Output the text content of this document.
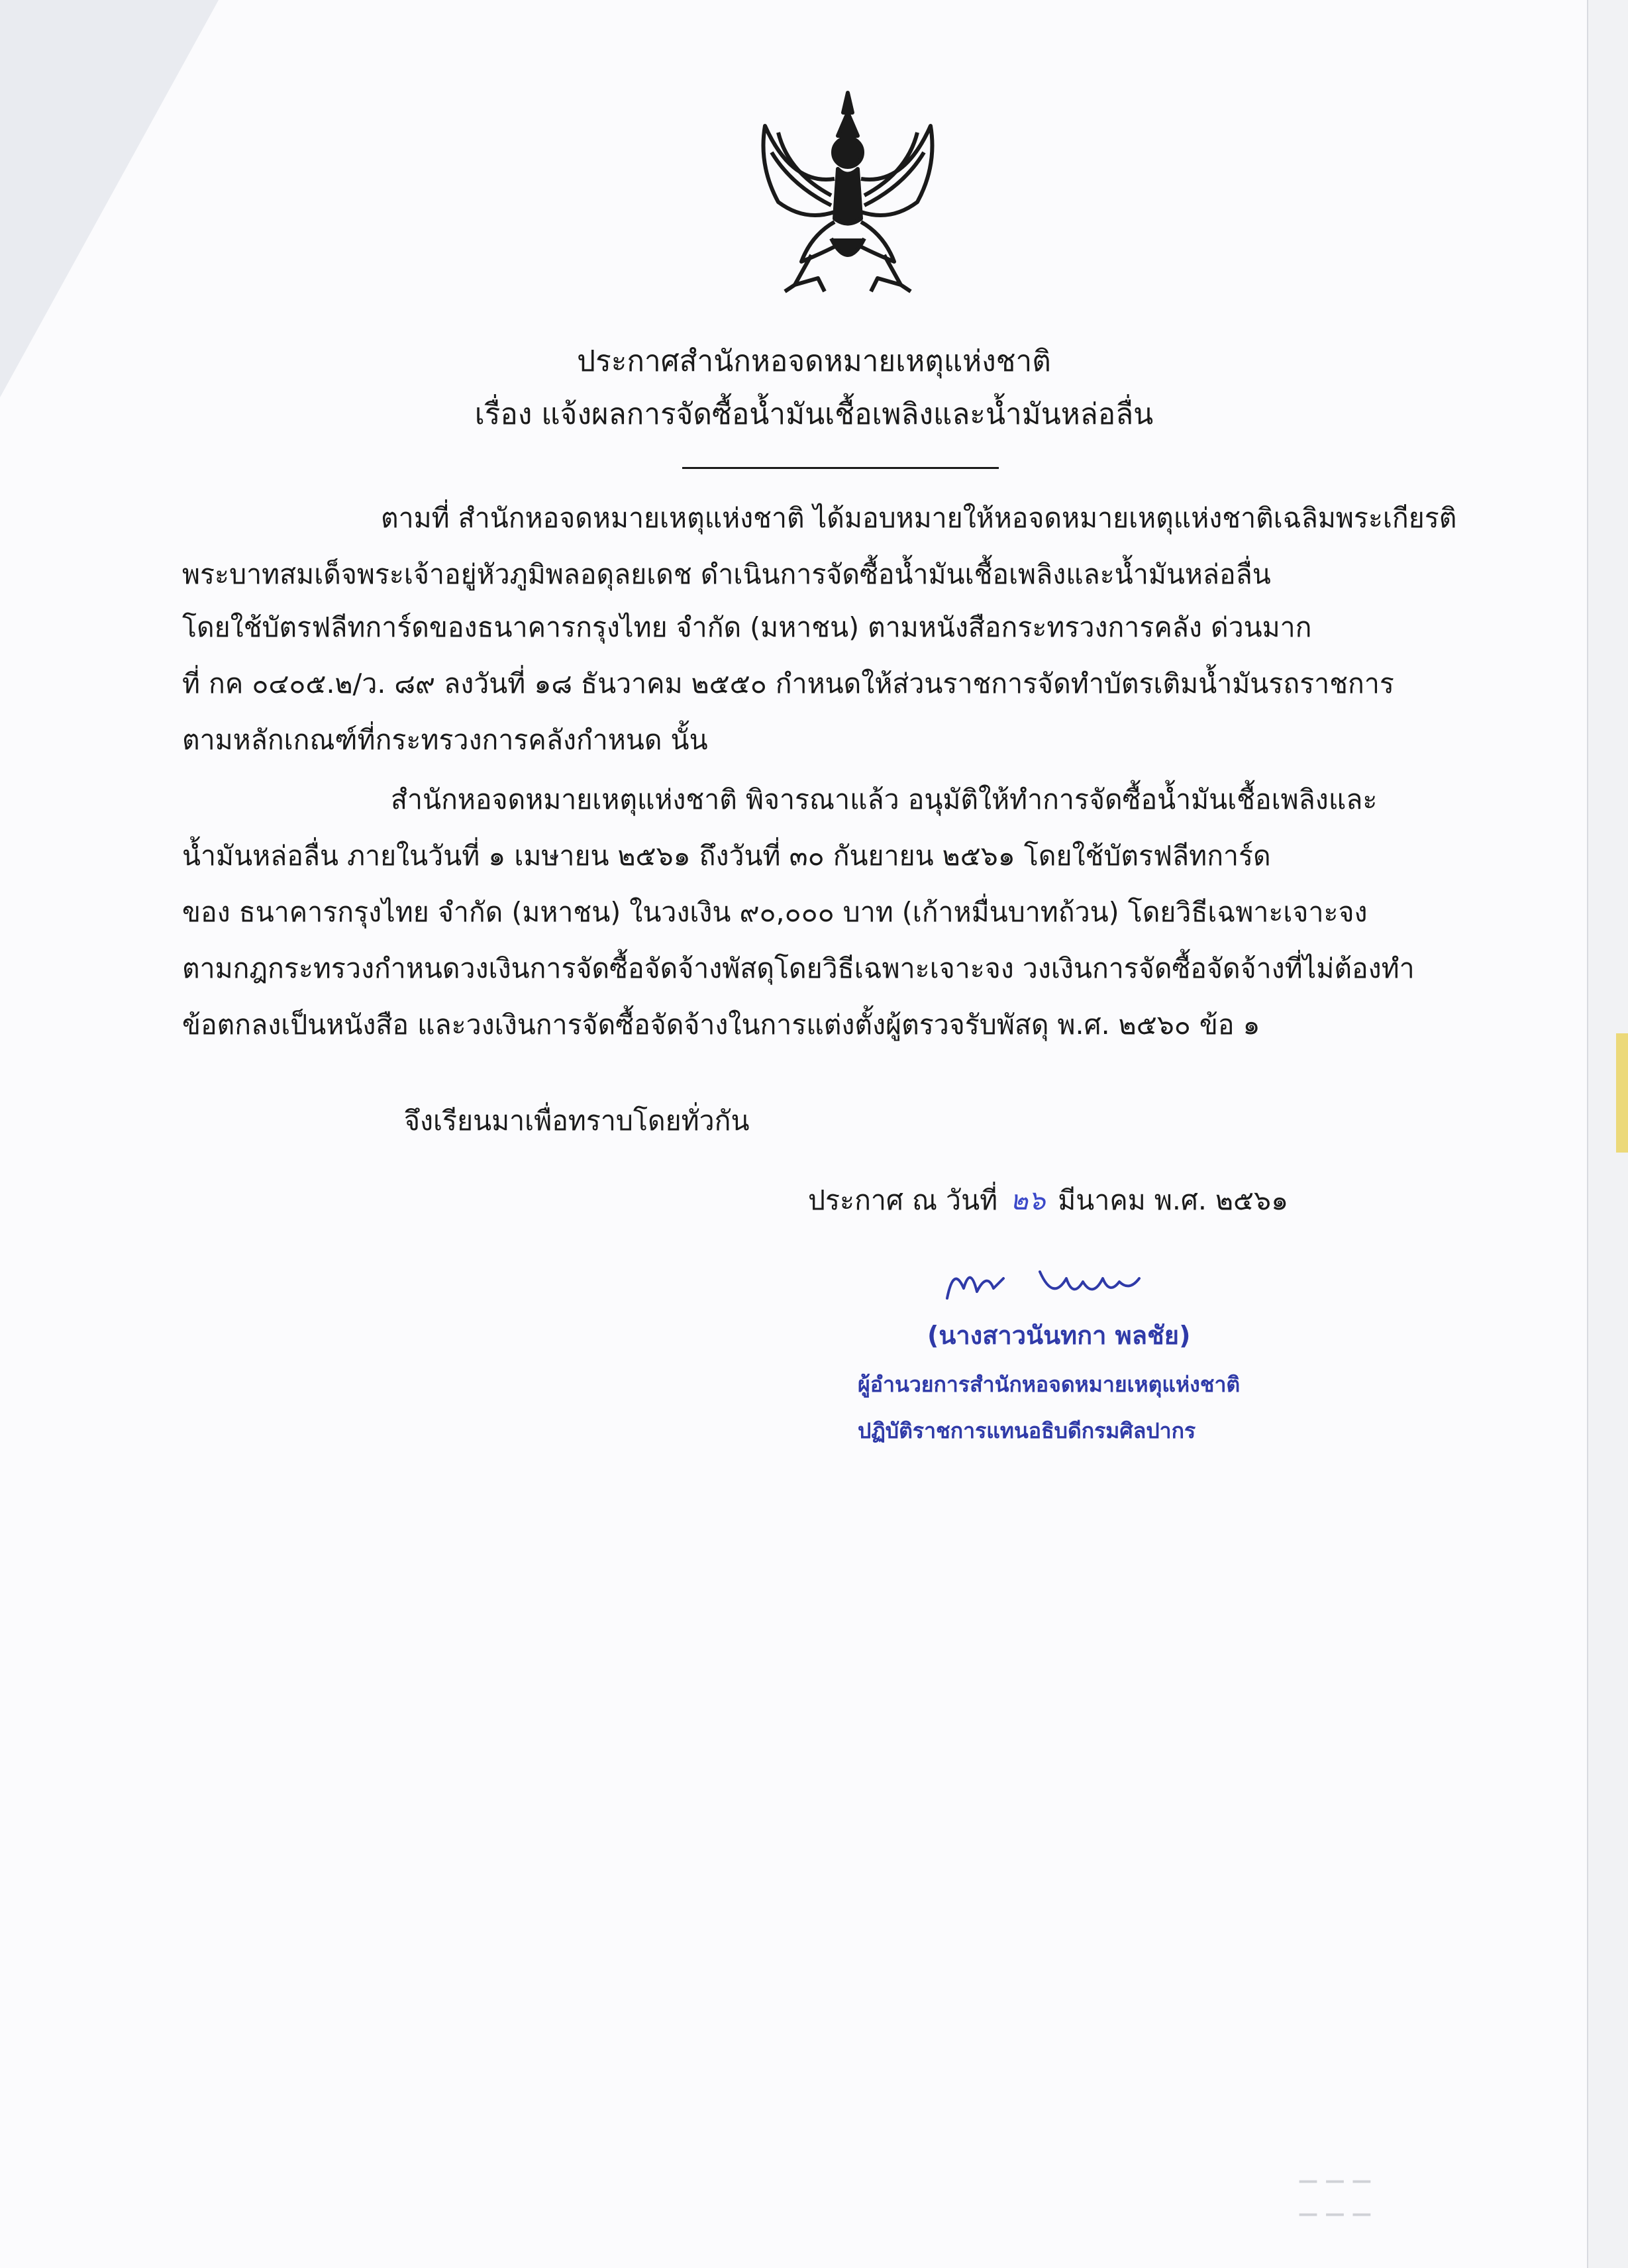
— — —
— — —
ประกาศสำนักหอจดหมายเหตุแห่งชาติ
เรื่อง แจ้งผลการจัดซื้อน้ำมันเชื้อเพลิงและน้ำมันหล่อลื่น
ตามที่ สำนักหอจดหมายเหตุแห่งชาติ ได้มอบหมายให้หอจดหมายเหตุแห่งชาติเฉลิมพระเกียรติ
พระบาทสมเด็จพระเจ้าอยู่หัวภูมิพลอดุลยเดช ดำเนินการจัดซื้อน้ำมันเชื้อเพลิงและน้ำมันหล่อลื่น
โดยใช้บัตรฟลีทการ์ดของธนาคารกรุงไทย จำกัด (มหาชน) ตามหนังสือกระทรวงการคลัง ด่วนมาก
ที่ กค ๐๔๐๕.๒/ว. ๘๙ ลงวันที่ ๑๘ ธันวาคม ๒๕๕๐ กำหนดให้ส่วนราชการจัดทำบัตรเติมน้ำมันรถราชการ
ตามหลักเกณฑ์ที่กระทรวงการคลังกำหนด นั้น
สำนักหอจดหมายเหตุแห่งชาติ พิจารณาแล้ว อนุมัติให้ทำการจัดซื้อน้ำมันเชื้อเพลิงและ
น้ำมันหล่อลื่น ภายในวันที่ ๑ เมษายน ๒๕๖๑ ถึงวันที่ ๓๐ กันยายน ๒๕๖๑ โดยใช้บัตรฟลีทการ์ด
ของ ธนาคารกรุงไทย จำกัด (มหาชน) ในวงเงิน ๙๐,๐๐๐ บาท (เก้าหมื่นบาทถ้วน) โดยวิธีเฉพาะเจาะจง
ตามกฎกระทรวงกำหนดวงเงินการจัดซื้อจัดจ้างพัสดุโดยวิธีเฉพาะเจาะจง วงเงินการจัดซื้อจัดจ้างที่ไม่ต้องทำ
ข้อตกลงเป็นหนังสือ และวงเงินการจัดซื้อจัดจ้างในการแต่งตั้งผู้ตรวจรับพัสดุ พ.ศ. ๒๕๖๐ ข้อ ๑
จึงเรียนมาเพื่อทราบโดยทั่วกัน
ประกาศ ณ วันที่ ๒๖ มีนาคม พ.ศ. ๒๕๖๑
(นางสาวนันทกา พลชัย)
ผู้อำนวยการสำนักหอจดหมายเหตุแห่งชาติ
ปฏิบัติราชการแทนอธิบดีกรมศิลปากร
